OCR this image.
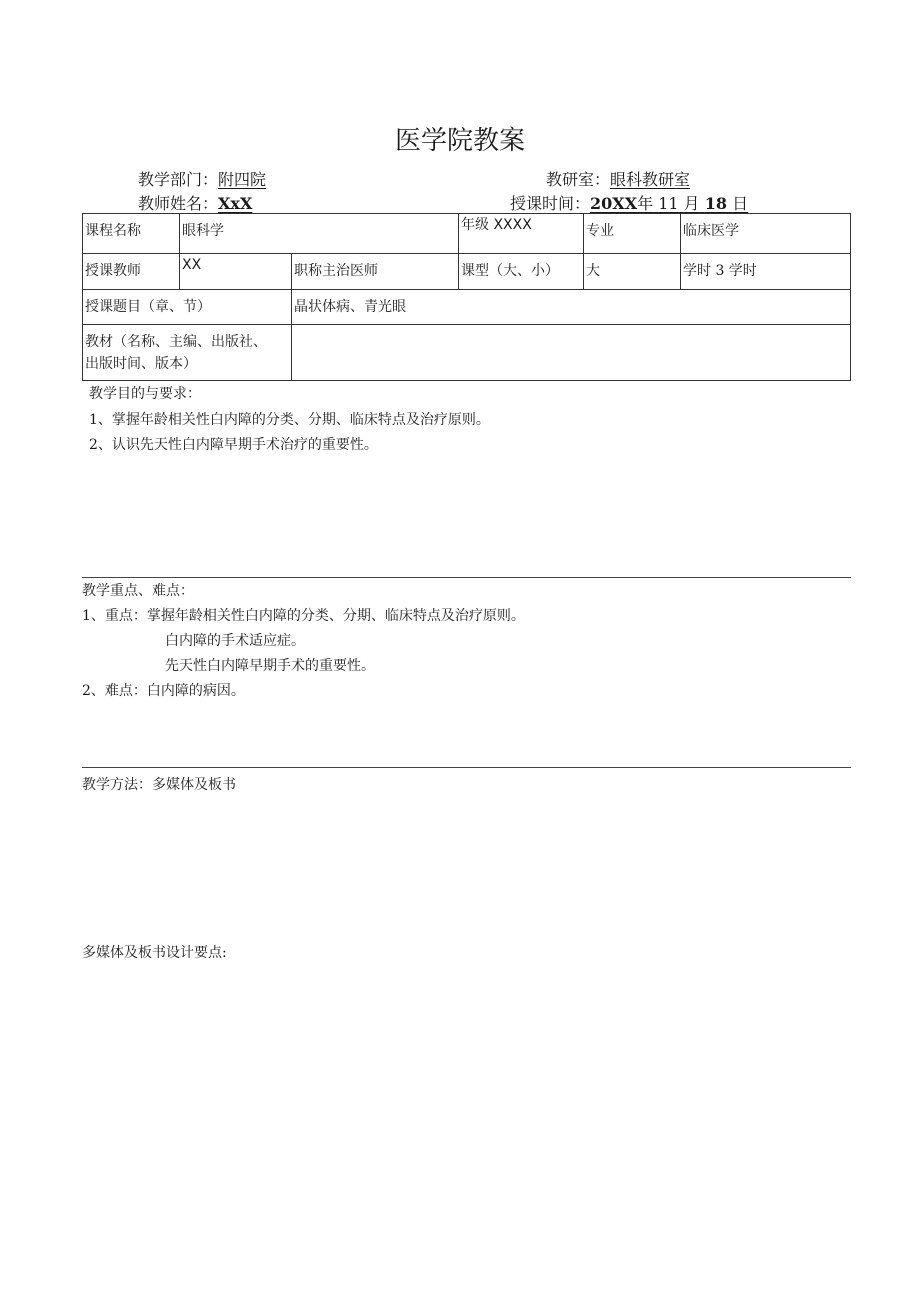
医学院教案
教学部门：附四院	教研室：眼科教研室
教师姓名：XxX	授课时间：20XX年 11 月 18 日
课程名称	眼科学		年级 XXXX	专业	临床医学
授课教师	XX	职称主治医师	课型（大、小）	大	学时 3 学时
授课题目（章、节）		晶状体病、青光眼			
教材（名称、主编、出版社、
出版时间、版本）					
教学目的与要求：
1、掌握年龄相关性白内障的分类、分期、临床特点及治疗原则。
2、认识先天性白内障早期手术治疗的重要性。
教学重点、难点：
1、重点：掌握年龄相关性白内障的分类、分期、临床特点及治疗原则。
白内障的手术适应症。
先天性白内障早期手术的重要性。
2、难点：白内障的病因。
教学方法：多媒体及板书
多媒体及板书设计要点:
